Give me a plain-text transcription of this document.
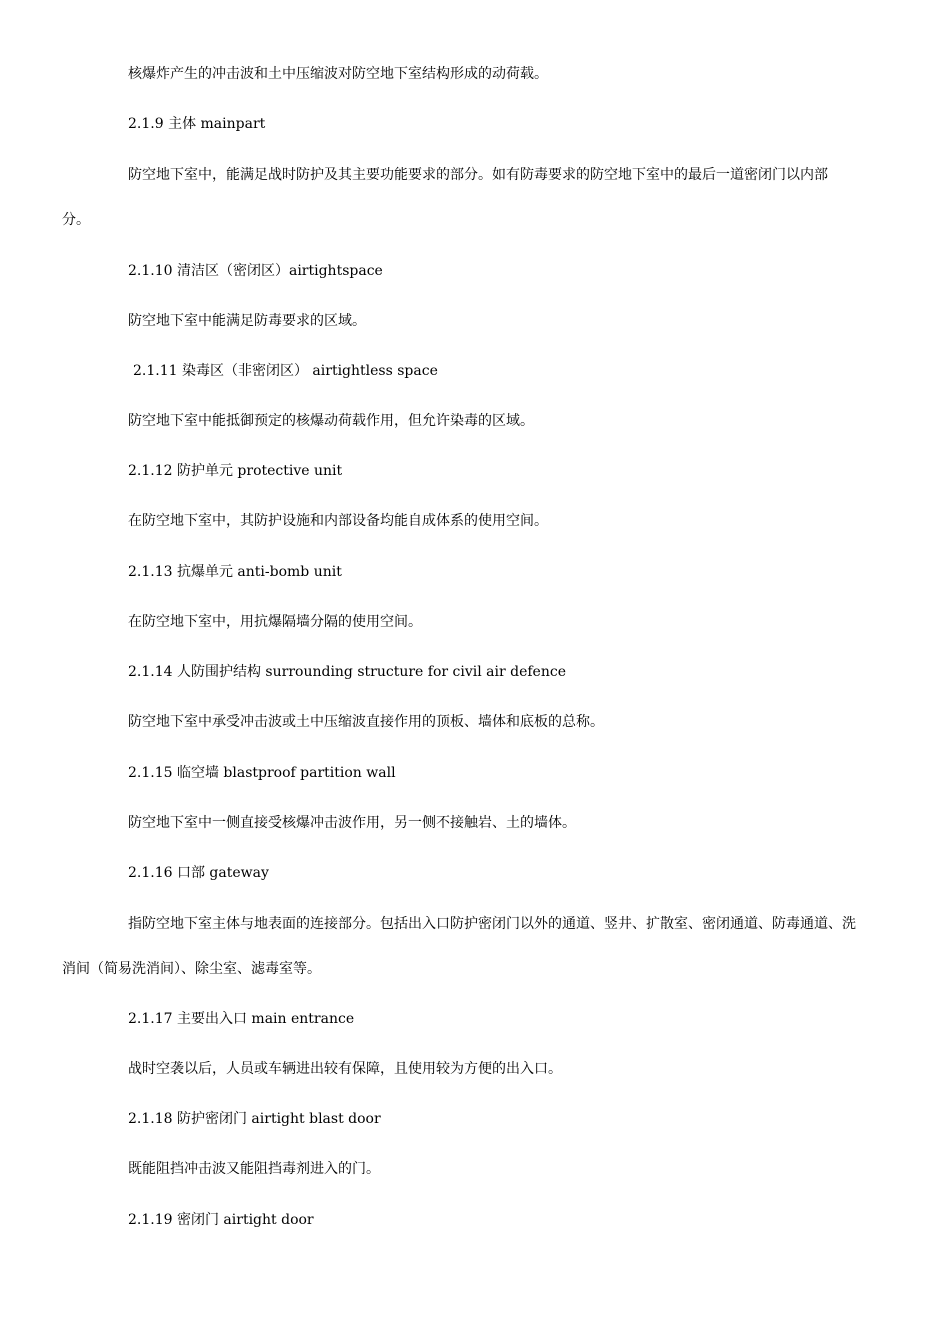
核爆炸产生的冲击波和土中压缩波对防空地下室结构形成的动荷载。
2.1.9 主体 mainpart
防空地下室中，能满足战时防护及其主要功能要求的部分。如有防毒要求的防空地下室中的最后一道密闭门以内部
分。
2.1.10 清洁区（密闭区）airtightspace
防空地下室中能满足防毒要求的区域。
2.1.11 染毒区（非密闭区） airtightless space
防空地下室中能抵御预定的核爆动荷载作用，但允许染毒的区域。
2.1.12 防护单元 protective unit
在防空地下室中，其防护设施和内部设备均能自成体系的使用空间。
2.1.13 抗爆单元 anti-bomb unit
在防空地下室中，用抗爆隔墙分隔的使用空间。
2.1.14 人防围护结构 surrounding structure for civil air defence
防空地下室中承受冲击波或土中压缩波直接作用的顶板、墙体和底板的总称。
2.1.15 临空墙 blastproof partition wall
防空地下室中一侧直接受核爆冲击波作用，另一侧不接触岩、土的墙体。
2.1.16 口部 gateway
指防空地下室主体与地表面的连接部分。包括出入口防护密闭门以外的通道、竖井、扩散室、密闭通道、防毒通道、洗
消间（简易洗消间）、除尘室、滤毒室等。
2.1.17 主要出入口 main entrance
战时空袭以后，人员或车辆进出较有保障，且使用较为方便的出入口。
2.1.18 防护密闭门 airtight blast door
既能阻挡冲击波又能阻挡毒剂进入的门。
2.1.19 密闭门 airtight door
